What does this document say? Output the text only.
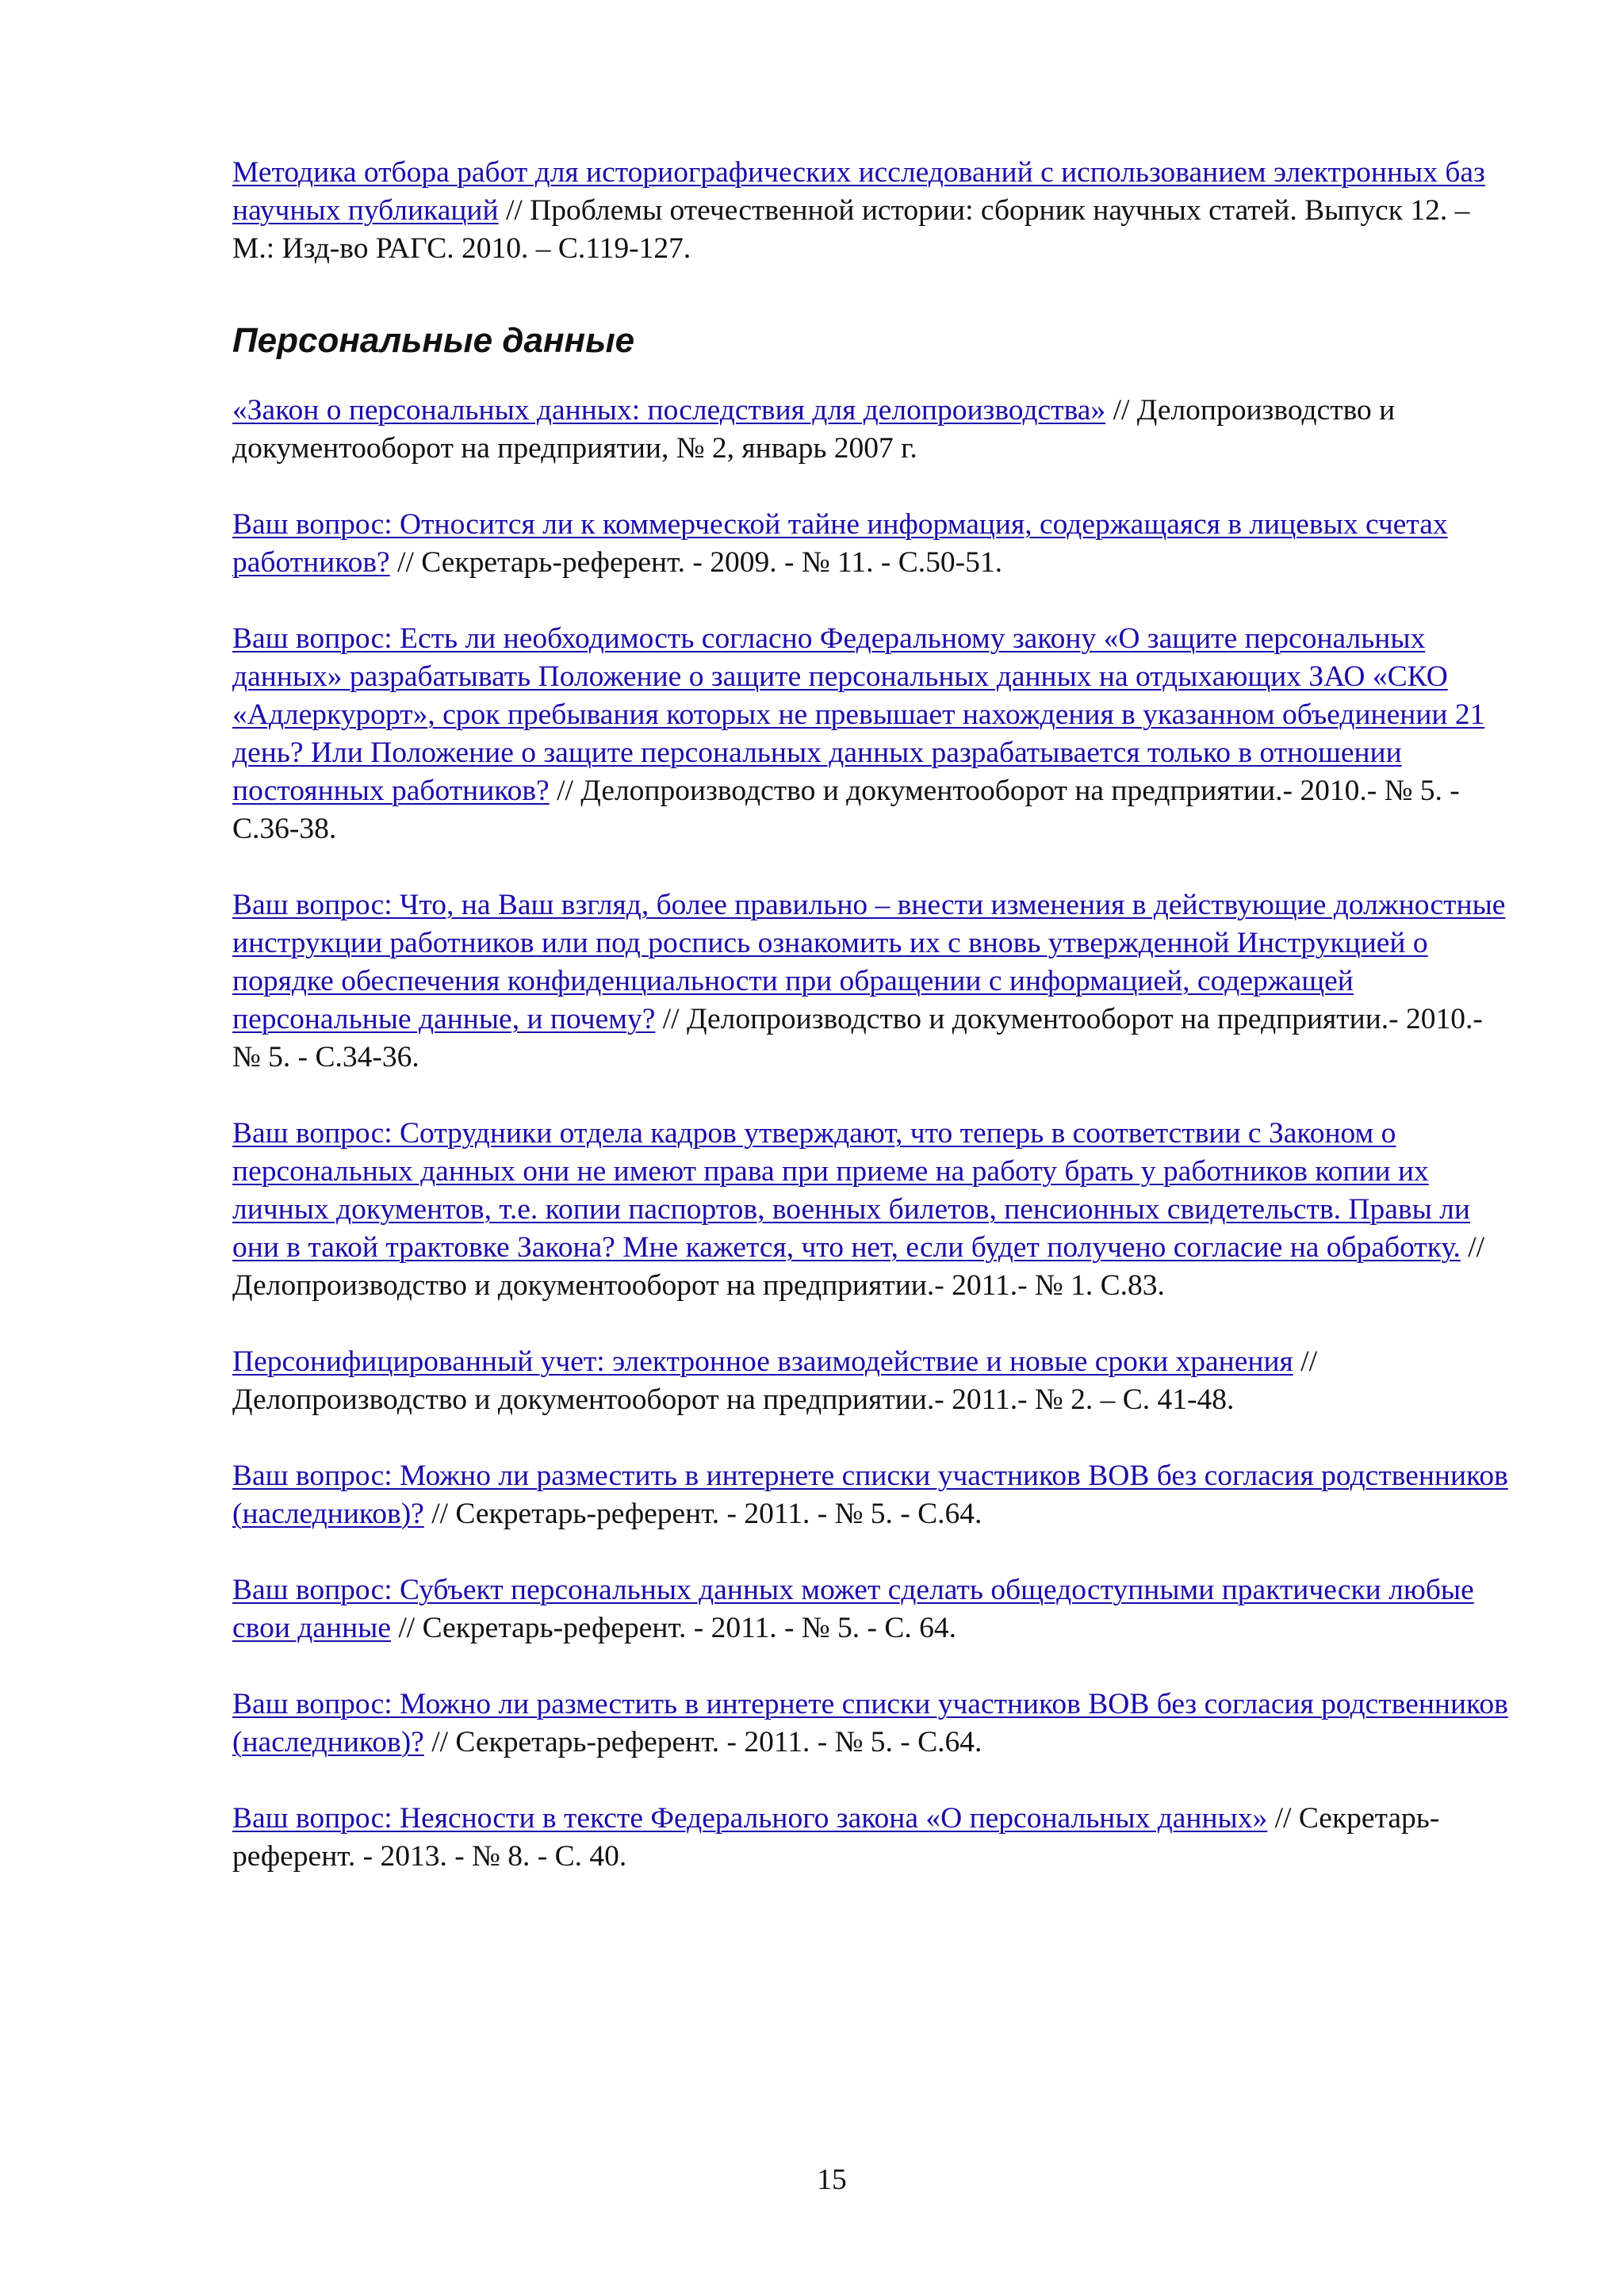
Методика отбора работ для историографических исследований с использованием электронных баз научных публикаций // Проблемы отечественной истории: сборник научных статей. Выпуск 12. – М.: Изд-во РАГС. 2010. – С.119-127.

Персональные данные

«Закон о персональных данных: последствия для делопроизводства» // Делопроизводство и документооборот на предприятии, № 2, январь 2007 г.

Ваш вопрос: Относится ли к коммерческой тайне информация, содержащаяся в лицевых счетах работников? // Секретарь-референт. - 2009. - № 11. - С.50-51.

Ваш вопрос: Есть ли необходимость согласно Федеральному закону «О защите персональных данных» разрабатывать Положение о защите персональных данных на отдыхающих ЗАО «СКО «Адлеркурорт», срок пребывания которых не превышает нахождения в указанном объединении 21 день? Или Положение о защите персональных данных разрабатывается только в отношении постоянных работников? // Делопроизводство и документооборот на предприятии.- 2010.- № 5. - С.36-38.

Ваш вопрос: Что, на Ваш взгляд, более правильно – внести изменения в действующие должностные инструкции работников или под роспись ознакомить их с вновь утвержденной Инструкцией о порядке обеспечения конфиденциальности при обращении с информацией, содержащей персональные данные, и почему? // Делопроизводство и документооборот на предприятии.- 2010.- № 5. - С.34-36.

Ваш вопрос: Сотрудники отдела кадров утверждают, что теперь в соответствии с Законом о персональных данных они не имеют права при приеме на работу брать у работников копии их личных документов, т.е. копии паспортов, военных билетов, пенсионных свидетельств. Правы ли они в такой трактовке Закона? Мне кажется, что нет, если будет получено согласие на обработку. // Делопроизводство и документооборот на предприятии.- 2011.- № 1. С.83.

Персонифицированный учет: электронное взаимодействие и новые сроки хранения // Делопроизводство и документооборот на предприятии.- 2011.- № 2. – С. 41-48.

Ваш вопрос: Можно ли разместить в интернете списки участников ВОВ без согласия родственников (наследников)? // Секретарь-референт. - 2011. - № 5. - С.64.

Ваш вопрос: Субъект персональных данных может сделать общедоступными практически любые свои данные // Секретарь-референт. - 2011. - № 5. - С. 64.

Ваш вопрос: Можно ли разместить в интернете списки участников ВОВ без согласия родственников (наследников)? // Секретарь-референт. - 2011. - № 5. - С.64.

Ваш вопрос: Неясности в тексте Федерального закона «О персональных данных» // Секретарь-референт. - 2013. - № 8. - С. 40.

15
